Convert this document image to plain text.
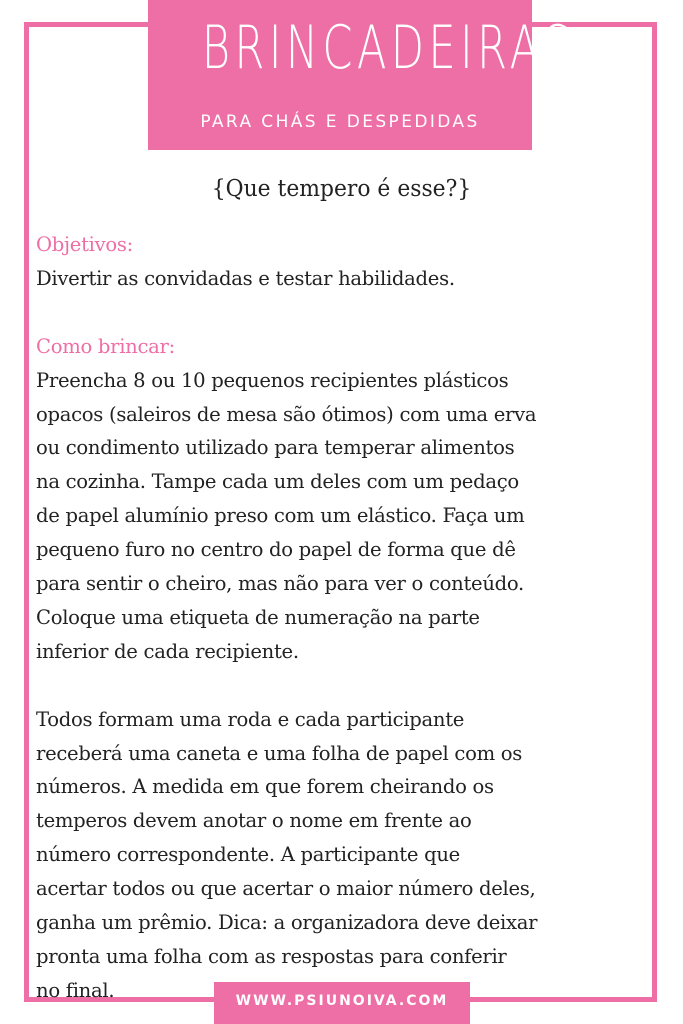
BRINCADEIRAS
PARA CHÁS E DESPEDIDAS
{Que tempero é esse?}
Objetivos:
Divertir as convidadas e testar habilidades.
Como brincar:
Preencha 8 ou 10 pequenos recipientes plásticos
opacos (saleiros de mesa são ótimos) com uma erva
ou condimento utilizado para temperar alimentos
na cozinha. Tampe cada um deles com um pedaço
de papel alumínio preso com um elástico. Faça um
pequeno furo no centro do papel de forma que dê
para sentir o cheiro, mas não para ver o conteúdo.
Coloque uma etiqueta de numeração na parte
inferior de cada recipiente.
Todos formam uma roda e cada participante
receberá uma caneta e uma folha de papel com os
números. A medida em que forem cheirando os
temperos devem anotar o nome em frente ao
número correspondente. A participante que
acertar todos ou que acertar o maior número deles,
ganha um prêmio. Dica: a organizadora deve deixar
pronta uma folha com as respostas para conferir
no final.	WWW.PSIUNOIVA.COM
